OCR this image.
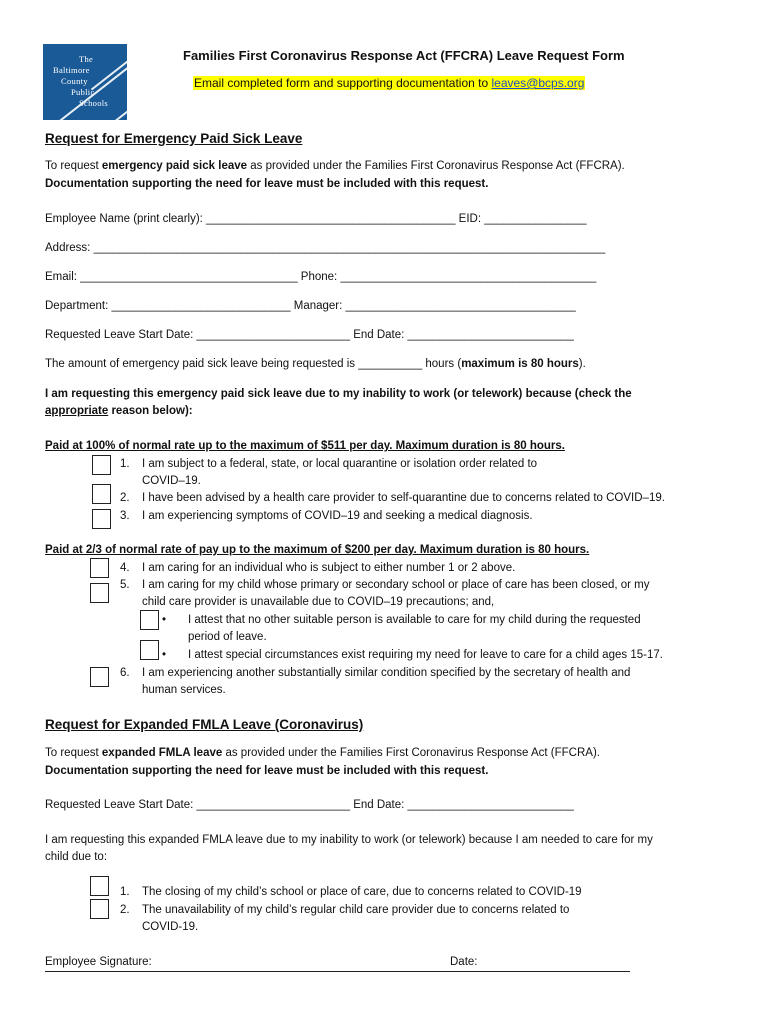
The
Baltimore
County
Public
Schools
Families First Coronavirus Response Act (FFCRA) Leave Request Form
Email completed form and supporting documentation to leaves@bcps.org
Request for Emergency Paid Sick Leave
To request emergency paid sick leave as provided under the Families First Coronavirus Response Act (FFCRA).
Documentation supporting the need for leave must be included with this request.
Employee Name (print clearly): _______________________________________ EID: ________________
Address: ________________________________________________________________________________
Email: __________________________________ Phone: ________________________________________
Department: ____________________________ Manager: ____________________________________
Requested Leave Start Date: ________________________ End Date: __________________________
The amount of emergency paid sick leave being requested is __________ hours (maximum is 80 hours).
I am requesting this emergency paid sick leave due to my inability to work (or telework) because (check the
appropriate reason below):
Paid at 100% of normal rate up to the maximum of $511 per day. Maximum duration is 80 hours.
1. I am subject to a federal, state, or local quarantine or isolation order related to
COVID–19.
2. I have been advised by a health care provider to self-quarantine due to concerns related to COVID–19.
3. I am experiencing symptoms of COVID–19 and seeking a medical diagnosis.
Paid at 2/3 of normal rate of pay up to the maximum of $200 per day. Maximum duration is 80 hours.
4. I am caring for an individual who is subject to either number 1 or 2 above.
5. I am caring for my child whose primary or secondary school or place of care has been closed, or my
child care provider is unavailable due to COVID–19 precautions; and,
• I attest that no other suitable person is available to care for my child during the requested
period of leave.
• I attest special circumstances exist requiring my need for leave to care for a child ages 15-17.
6. I am experiencing another substantially similar condition specified by the secretary of health and
human services.
Request for Expanded FMLA Leave (Coronavirus)
To request expanded FMLA leave as provided under the Families First Coronavirus Response Act (FFCRA).
Documentation supporting the need for leave must be included with this request.
Requested Leave Start Date: ________________________ End Date: __________________________
I am requesting this expanded FMLA leave due to my inability to work (or telework) because I am needed to care for my
child due to:
1. The closing of my child’s school or place of care, due to concerns related to COVID-19
2. The unavailability of my child’s regular child care provider due to concerns related to
COVID-19.
Employee Signature:	Date:
